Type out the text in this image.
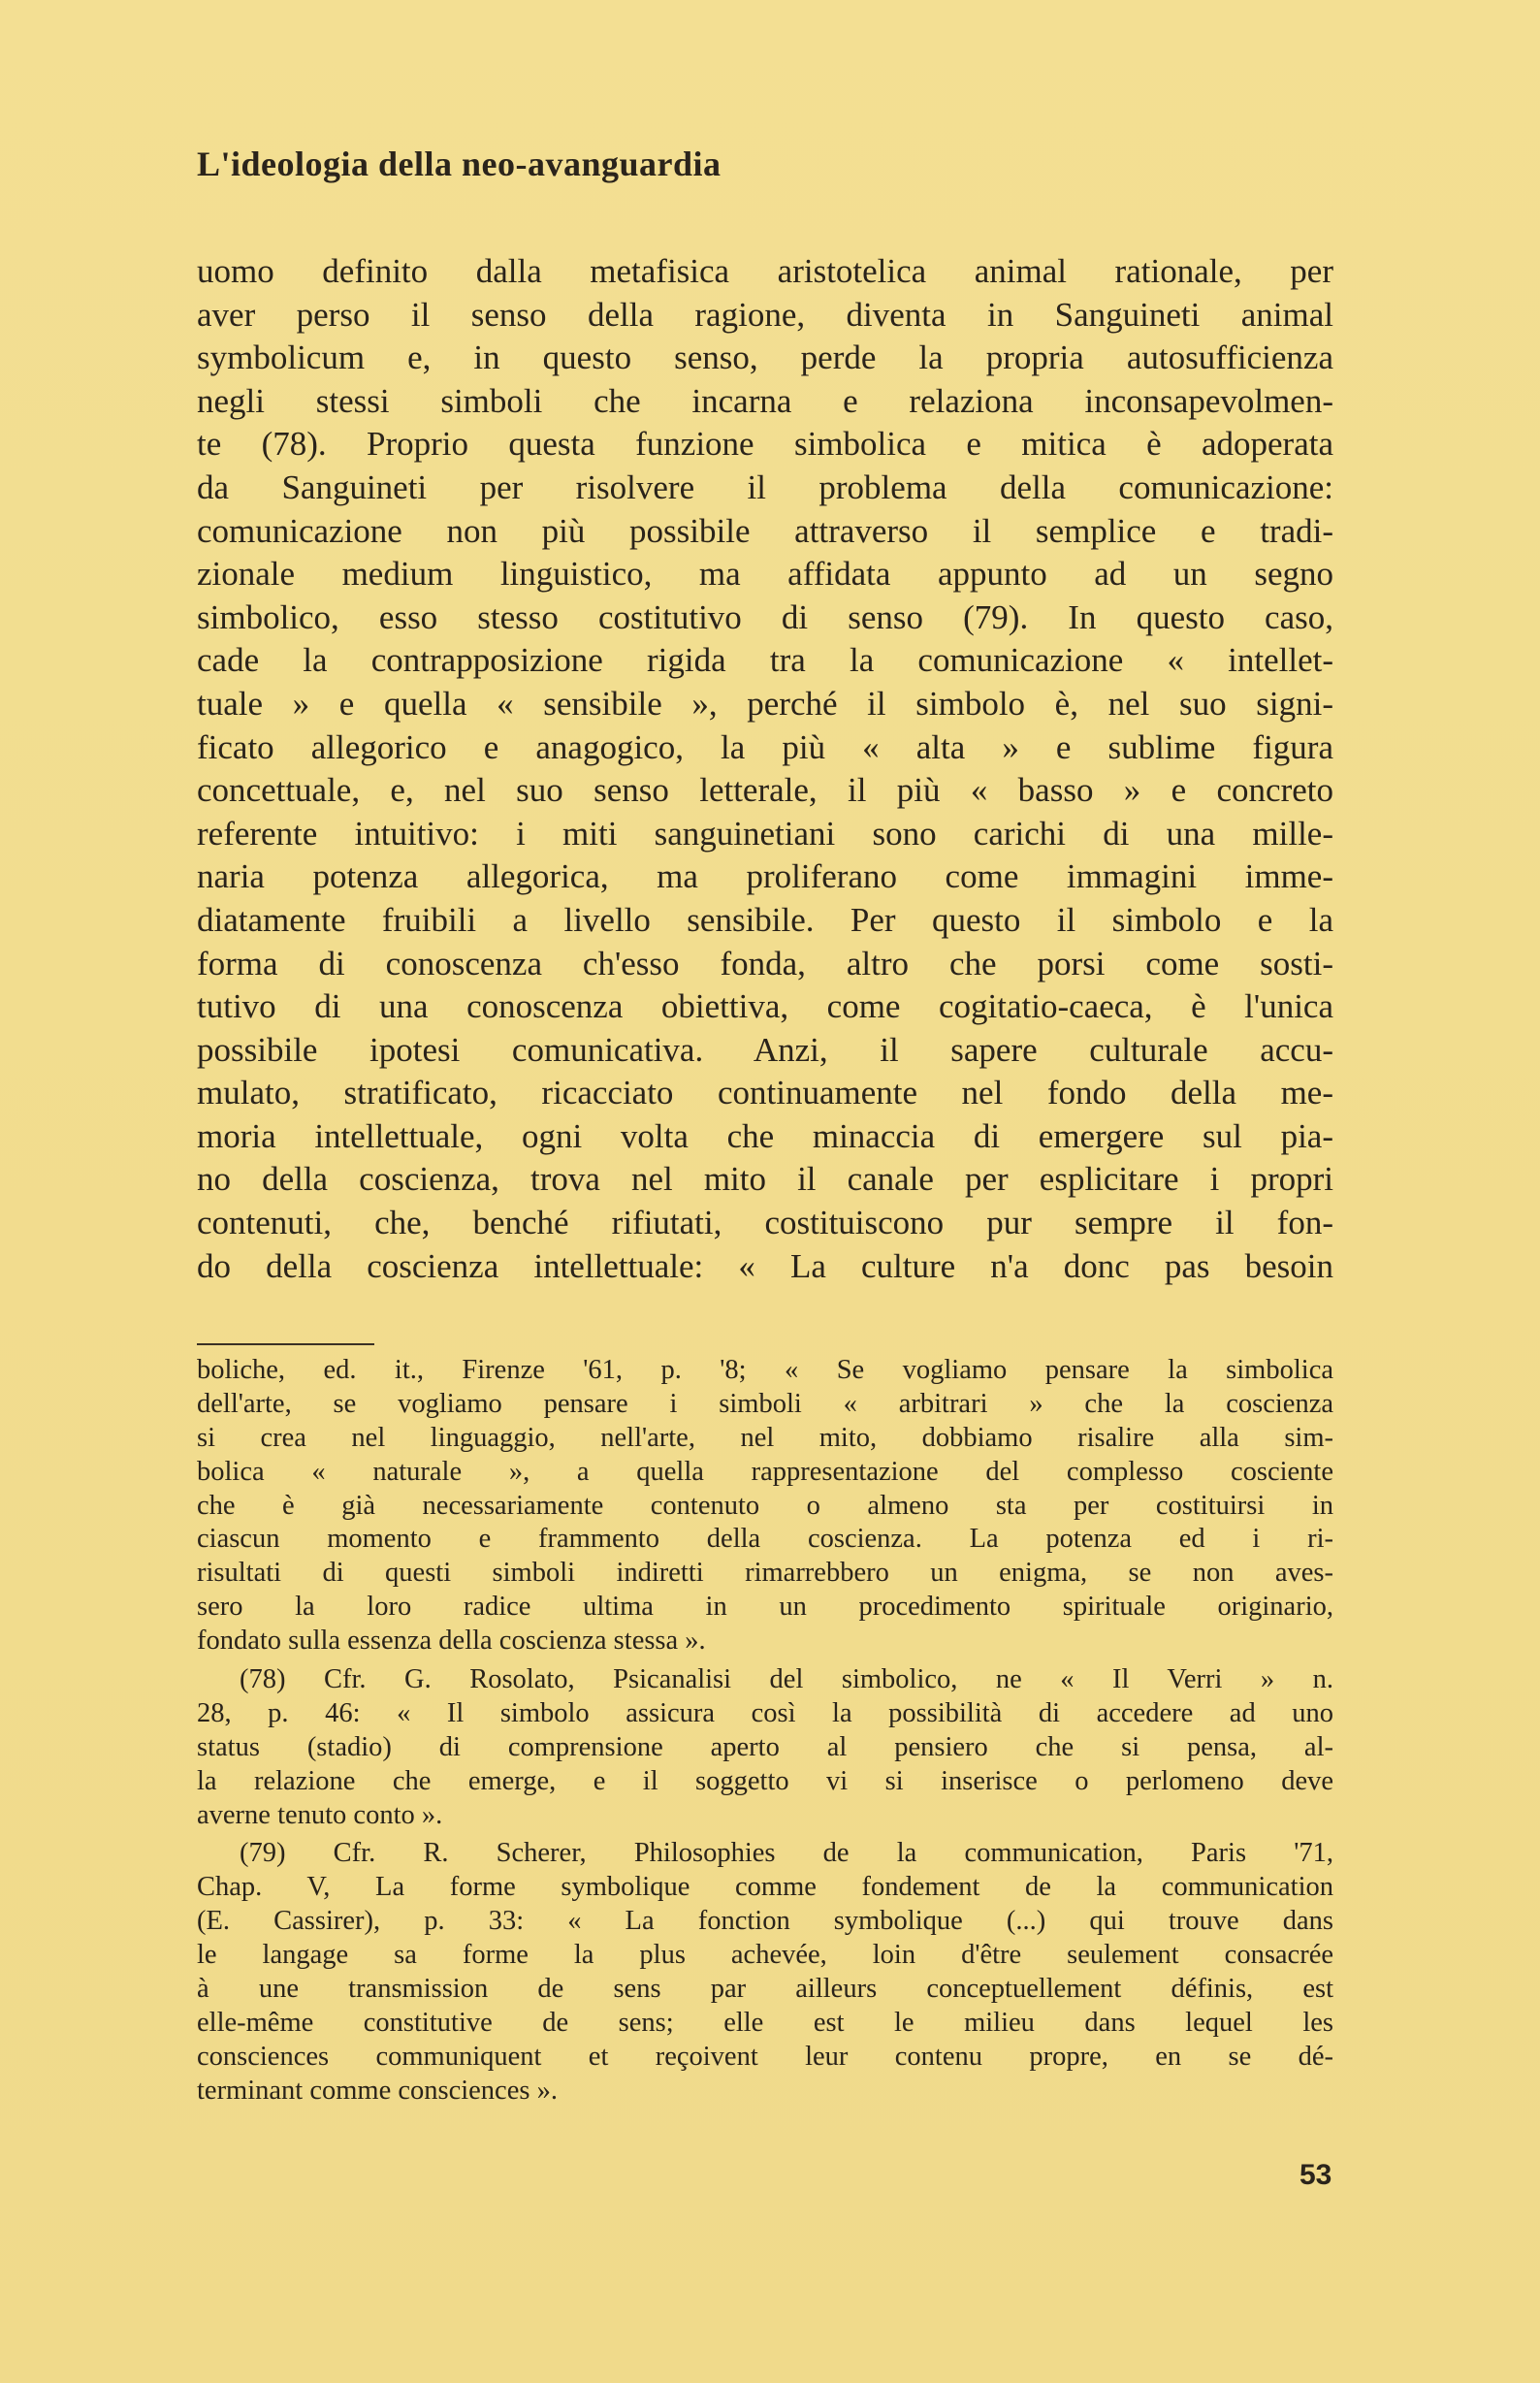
L'ideologia della neo-avanguardia
uomo definito dalla metafisica aristotelica animal rationale, per
aver perso il senso della ragione, diventa in Sanguineti animal
symbolicum e, in questo senso, perde la propria autosufficienza
negli stessi simboli che incarna e relaziona inconsapevolmen-
te (78). Proprio questa funzione simbolica e mitica è adoperata
da Sanguineti per risolvere il problema della comunicazione:
comunicazione non più possibile attraverso il semplice e tradi-
zionale medium linguistico, ma affidata appunto ad un segno
simbolico, esso stesso costitutivo di senso (79). In questo caso,
cade la contrapposizione rigida tra la comunicazione « intellet-
tuale » e quella « sensibile », perché il simbolo è, nel suo signi-
ficato allegorico e anagogico, la più « alta » e sublime figura
concettuale, e, nel suo senso letterale, il più « basso » e concreto
referente intuitivo: i miti sanguinetiani sono carichi di una mille-
naria potenza allegorica, ma proliferano come immagini imme-
diatamente fruibili a livello sensibile. Per questo il simbolo e la
forma di conoscenza ch'esso fonda, altro che porsi come sosti-
tutivo di una conoscenza obiettiva, come cogitatio-caeca, è l'unica
possibile ipotesi comunicativa. Anzi, il sapere culturale accu-
mulato, stratificato, ricacciato continuamente nel fondo della me-
moria intellettuale, ogni volta che minaccia di emergere sul pia-
no della coscienza, trova nel mito il canale per esplicitare i propri
contenuti, che, benché rifiutati, costituiscono pur sempre il fon-
do della coscienza intellettuale: « La culture n'a donc pas besoin
boliche, ed. it., Firenze '61, p. '8; « Se vogliamo pensare la simbolica
dell'arte, se vogliamo pensare i simboli « arbitrari » che la coscienza
si crea nel linguaggio, nell'arte, nel mito, dobbiamo risalire alla sim-
bolica « naturale », a quella rappresentazione del complesso cosciente
che è già necessariamente contenuto o almeno sta per costituirsi in
ciascun momento e frammento della coscienza. La potenza ed i ri-
risultati di questi simboli indiretti rimarrebbero un enigma, se non aves-
sero la loro radice ultima in un procedimento spirituale originario,
fondato sulla essenza della coscienza stessa ».
(78) Cfr. G. Rosolato, Psicanalisi del simbolico, ne « Il Verri » n.
28, p. 46: « Il simbolo assicura così la possibilità di accedere ad uno
status (stadio) di comprensione aperto al pensiero che si pensa, al-
la relazione che emerge, e il soggetto vi si inserisce o perlomeno deve
averne tenuto conto ».
(79) Cfr. R. Scherer, Philosophies de la communication, Paris '71,
Chap. V, La forme symbolique comme fondement de la communication
(E. Cassirer), p. 33: « La fonction symbolique (...) qui trouve dans
le langage sa forme la plus achevée, loin d'être seulement consacrée
à une transmission de sens par ailleurs conceptuellement définis, est
elle-même constitutive de sens; elle est le milieu dans lequel les
consciences communiquent et reçoivent leur contenu propre, en se dé-
terminant comme consciences ».
53
